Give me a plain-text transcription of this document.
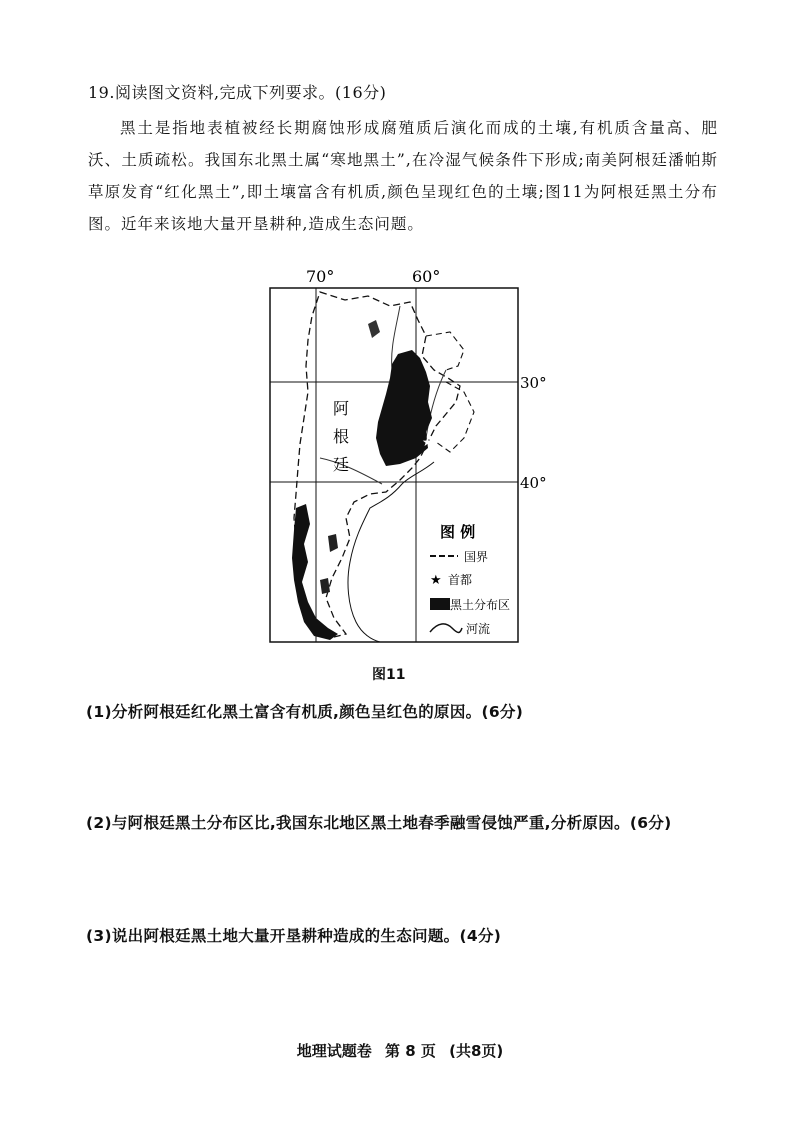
19.阅读图文资料,完成下列要求。(16分)
黑土是指地表植被经长期腐蚀形成腐殖质后演化而成的土壤,有机质含量高、肥沃、土质疏松。我国东北黑土属“寒地黑土”,在冷湿气候条件下形成;南美阿根廷潘帕斯草原发育“红化黑土”,即土壤富含有机质,颜色呈现红色的土壤;图11为阿根廷黑土分布图。近年来该地大量开垦耕种,造成生态问题。
70°	60°
30°
40°
★
阿
根
廷
图 例
国界
★ 首都
黑土分布区
河流
图11
(1)分析阿根廷红化黑土富含有机质,颜色呈红色的原因。(6分)
(2)与阿根廷黑土分布区比,我国东北地区黑土地春季融雪侵蚀严重,分析原因。(6分)
(3)说出阿根廷黑土地大量开垦耕种造成的生态问题。(4分)
地理试题卷 第 8 页 (共8页)
